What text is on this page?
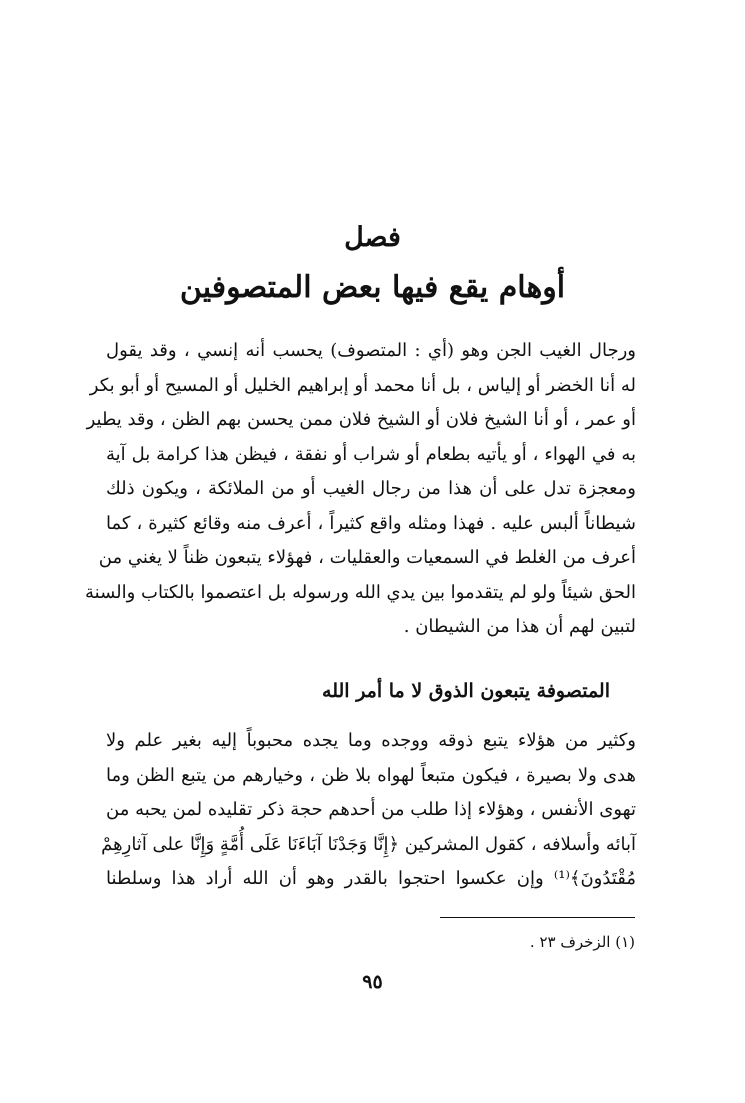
فصل
أوهام يقع فيها بعض المتصوفين

ورجال الغيب الجن وهو (أي : المتصوف) يحسب أنه إنسي ، وقد يقول
له أنا الخضر أو إلياس ، بل أنا محمد أو إبراهيم الخليل أو المسيح أو أبو بكر
أو عمر ، أو أنا الشيخ فلان أو الشيخ فلان ممن يحسن بهم الظن ، وقد يطير
به في الهواء ، أو يأتيه بطعام أو شراب أو نفقة ، فيظن هذا كرامة بل آية
ومعجزة تدل على أن هذا من رجال الغيب أو من الملائكة ، ويكون ذلك
شيطاناً ألبس عليه . فهذا ومثله واقع كثيراً ، أعرف منه وقائع كثيرة ، كما
أعرف من الغلط في السمعيات والعقليات ، فهؤلاء يتبعون ظناً لا يغني من
الحق شيئاً ولو لم يتقدموا بين يدي الله ورسوله بل اعتصموا بالكتاب والسنة
لتبين لهم أن هذا من الشيطان .

المتصوفة يتبعون الذوق لا ما أمر الله

وكثير من هؤلاء يتبع ذوقه ووجده وما يجده محبوباً إليه بغير علم ولا
هدى ولا بصيرة ، فيكون متبعاً لهواه بلا ظن ، وخيارهم من يتبع الظن وما
تهوى الأنفس ، وهؤلاء إذا طلب من أحدهم حجة ذكر تقليده لمن يحبه من
آبائه وأسلافه ، كقول المشركين ﴿إِنَّا وَجَدْنَا آبَاءَنَا عَلَى أُمَّةٍ وَإِنَّا على آثارِهِمْ
مُقْتَدُونَ﴾⁽¹⁾ وإن عكسوا احتجوا بالقدر وهو أن الله أراد هذا وسلطنا

(١) الزخرف ٢٣ .
٩٥
